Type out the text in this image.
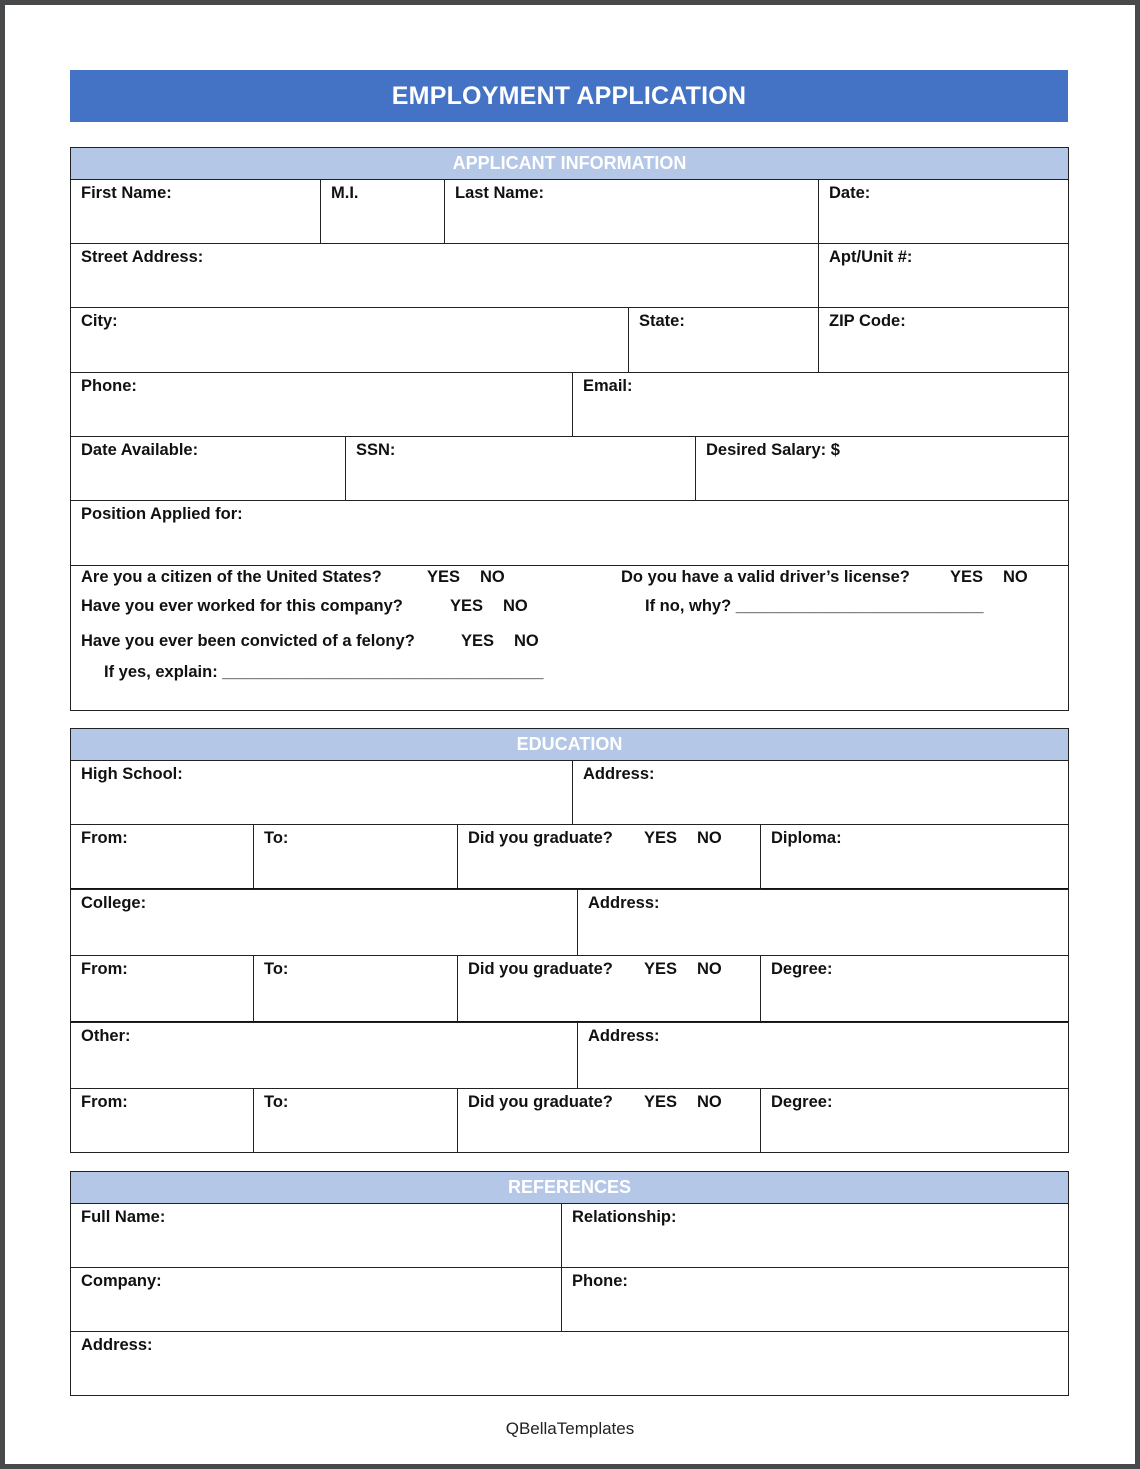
EMPLOYMENT APPLICATION
APPLICANT INFORMATION
First Name:	M.I.	Last Name:	Date:
Street Address:	Apt/Unit #:
City:	State:	ZIP Code:
Phone:	Email:
Date Available:	SSN:	Desired Salary: $
Position Applied for:
Are you a citizen of the United States?	YES NO
Have you ever worked for this company?	YES NO
Have you ever been convicted of a felony?	YES NO
If yes, explain: ___________________________________
Do you have a valid driver’s license? YES NO
If no, why? ___________________________
EDUCATION
High School:	Address:
From:	To:	Did you graduate? YES NO	Diploma:
College:	Address:
From:	To:	Did you graduate? YES NO	Degree:
Other:	Address:
From:	To:	Did you graduate? YES NO	Degree:
REFERENCES
Full Name:	Relationship:
Company:	Phone:
Address:
QBellaTemplates
